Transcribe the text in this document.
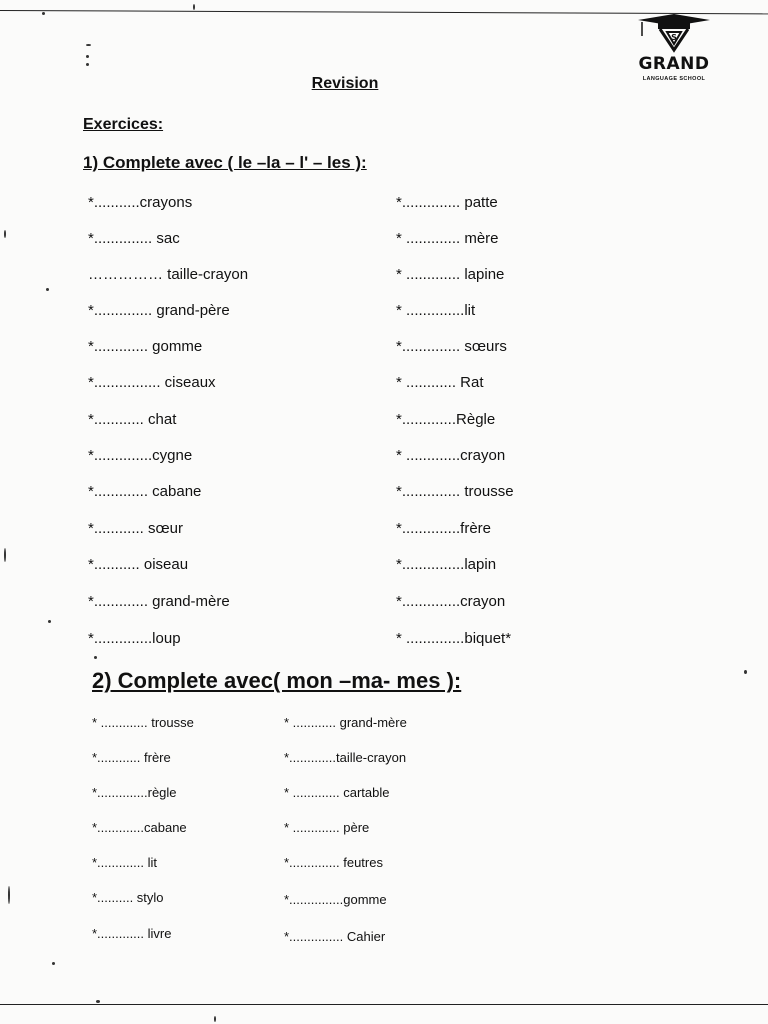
S
GRAND
LANGUAGE SCHOOL
Revision
Exercices:
1) Complete avec ( le –la – l' – les ):
*...........crayons
*.............. sac
…………… taille-crayon
*.............. grand-père
*............. gomme
*................ ciseaux
*............ chat
*..............cygne
*............. cabane
*............ sœur
*........... oiseau
*............. grand-mère
*..............loup
*.............. patte
* ............. mère
* ............. lapine
* ..............lit
*.............. sœurs
* ............ Rat
*.............Règle
* .............crayon
*.............. trousse
*..............frère
*...............lapin
*..............crayon
* ..............biquet*
2) Complete avec( mon –ma- mes ):
* ............. trousse
*............ frère
*..............règle
*.............cabane
*............. lit
*.......... stylo
*............. livre
* ............ grand-mère
*.............taille-crayon
* ............. cartable
* ............. père
*.............. feutres
*...............gomme
*............... Cahier
